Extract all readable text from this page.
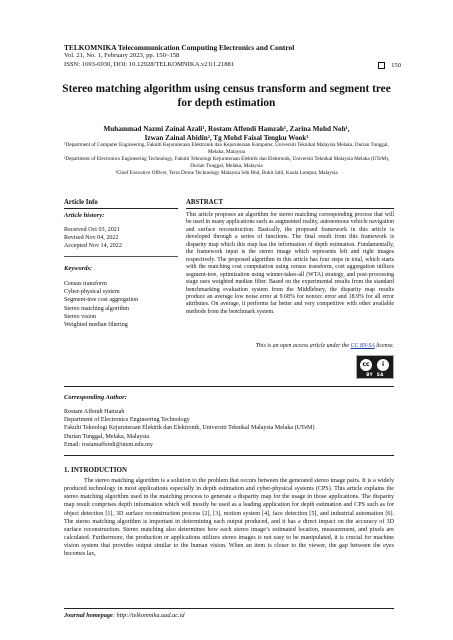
TELKOMNIKA Telecommunication Computing Electronics and Control
Vol. 21, No. 1, February 2023, pp. 150~158
ISSN: 1693-6930, DOI: 10.12928/TELKOMNIKA.v21i1.21881	150
Stereo matching algorithm using census transform and segment tree for depth estimation
Muhammad Nazmi Zainal Azali¹, Rostam Affendi Hamzah¹, Zarina Mohd Noh¹,
Izwan Zainal Abidin², Tg Mohd Faisal Tengku Wook³
¹Department of Computer Engineering, Fakulti Kejuruteraan Elektronik dan Kejuruteraan Komputer, Universiti Teknikal Malaysia Melaka, Durian Tunggal, Melaka, Malaysia
²Department of Electronics Engineering Technology, Fakulti Teknologi Kejuruteraan Elektrik dan Elektronik, Universiti Teknikal Malaysia Melaka (UTeM), Durian Tunggal, Melaka, Malaysia
³Chief Executive Officer, Terra Drone Technology Malaysia Sdn Bhd, Bukit Jalil, Kuala Lumpur, Malaysia
Article Info	ABSTRACT
Article history:
Received Oct 03, 2021
Revised Nov 04, 2022
Accepted Nov 14, 2022
Keywords:
Census transform
Cyber-physical system
Segment-tree cost aggregation
Stereo matching algorithm
Stereo vision
Weighted median filtering
This article proposes an algorithm for stereo matching corresponding process that will be used in many applications such as augmented reality, autonomous vehicle navigation and surface reconstruction. Basically, the proposed framework in this article is developed through a series of functions. The final result from this framework is disparity map which this map has the information of depth estimation. Fundamentally, the framework input is the stereo image which represents left and right images respectively. The proposed algorithm in this article has four steps in total, which starts with the matching cost computation using census transform, cost aggregation utilizes segment-tree, optimization using winner-takes-all (WTA) strategy, and post-processing stage uses weighted median filter. Based on the experimental results from the standard benchmarking evaluation system from the Middlebury, the disparity map results produce an average low noise error at 9.68% for nonocc error and 18.9% for all error attributes. On average, it performs far better and very competitive with other available methods from the benchmark system.
This is an open access article under the CC BY-SA license.
cc	i
BY SA
Corresponding Author:
Rostam Affendi Hamzah
Department of Electronics Engineering Technology
Fakulti Teknologi Kejuruteraan Elektrik dan Elektronik, Universiti Teknikal Malaysia Melaka (UTeM)
Durian Tunggal, Melaka, Malaysia
Email: rostamaffendi@utem.edu.my
1. INTRODUCTION
The stereo matching algorithm is a solution to the problem that occurs between the generated stereo image pairs. It is a widely produced technology in most applications especially in depth estimation and cyber-physical systems (CPS). This article explains the stereo matching algorithm used in the matching process to generate a disparity map for the usage in those applications. The disparity map result comprises depth information which will mostly be used as a leading application for depth estimation and CPS such as for object detection [1], 3D surface reconstruction process [2], [3], motion system [4], face detection [5], and industrial automation [6]. The stereo matching algorithm is important in determining each output produced, and it has a direct impact on the accuracy of 3D surface reconstruction. Stereo matching also determines how each stereo image’s estimated location, measurement, and pixels are calculated. Furthermore, the production or applications utilizes stereo images is not easy to be manipulated, it is crucial for machine vision system that provides output similar to the human vision. When an item is closer to the viewer, the gap between the eyes becomes lax,
Journal homepage: http://telkomnika.uad.ac.id
